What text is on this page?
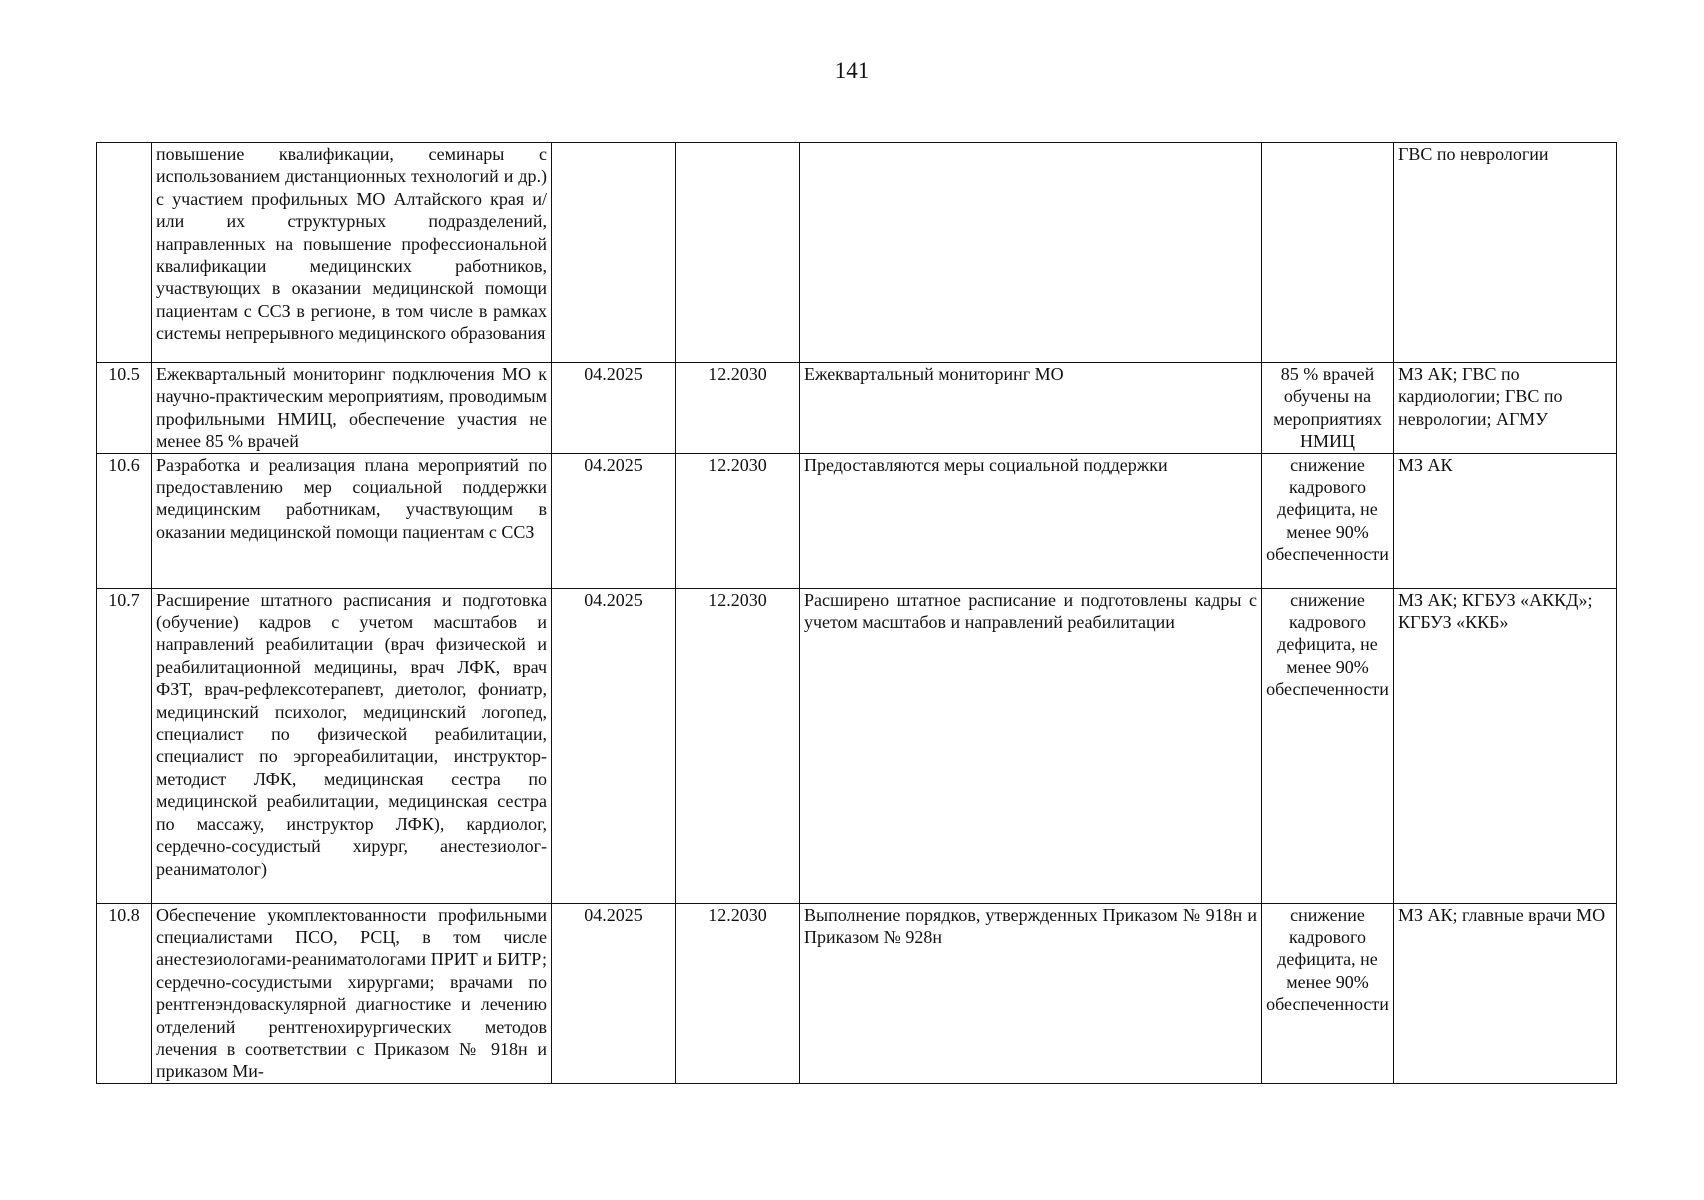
141
	повышение квалификации, семинары с использованием дистанционных технологий и др.) с участием профильных МО Алтайского края и/или их структурных подразделений, направленных на повышение профессиональной квалификации медицинских работников, участвующих в оказании медицинской помощи пациентам с ССЗ в регионе, в том числе в рамках системы непрерывного медицинского образования					ГВС по неврологии
10.5	Ежеквартальный мониторинг подключения МО к научно-практическим мероприятиям, проводимым профильными НМИЦ, обеспечение участия не менее 85 % врачей	04.2025	12.2030	Ежеквартальный мониторинг МО	85 % врачей обучены на мероприятиях НМИЦ	МЗ АК; ГВС по кардиологии; ГВС по неврологии; АГМУ
10.6	Разработка и реализация плана мероприятий по предоставлению мер социальной поддержки медицинским работникам, участвующим в оказании медицинской помощи пациентам с ССЗ	04.2025	12.2030	Предоставляются меры социальной поддержки	снижение кадрового дефицита, не менее 90% обеспеченности	МЗ АК
10.7	Расширение штатного расписания и подготовка (обучение) кадров с учетом масштабов и направлений реабилитации (врач физической и реабилитационной медицины, врач ЛФК, врач ФЗТ, врач-рефлексотерапевт, диетолог, фониатр, медицинский психолог, медицинский логопед, специалист по физической реабилитации, специалист по эргореабилитации, инструктор-методист ЛФК, медицинская сестра по медицинской реабилитации, медицинская сестра по массажу, инструктор ЛФК), кардиолог, сердечно-сосудистый хирург, анестезиолог-реаниматолог)	04.2025	12.2030	Расширено штатное расписание и подготовлены кадры с учетом масштабов и направлений реабилитации	снижение кадрового дефицита, не менее 90% обеспеченности	МЗ АК; КГБУЗ «АККД»; КГБУЗ «ККБ»
10.8	Обеспечение укомплектованности профильными специалистами ПСО, РСЦ, в том числе анестезиологами-реаниматологами ПРИТ и БИТР; сердечно-сосудистыми хирургами; врачами по рентгенэндоваскулярной диагностике и лечению отделений рентгенохирургических методов лечения в соответствии с Приказом № 918н и приказом Ми-	04.2025	12.2030	Выполнение порядков, утвержденных Приказом № 918н и Приказом № 928н	снижение кадрового дефицита, не менее 90% обеспеченности	МЗ АК; главные врачи МО
